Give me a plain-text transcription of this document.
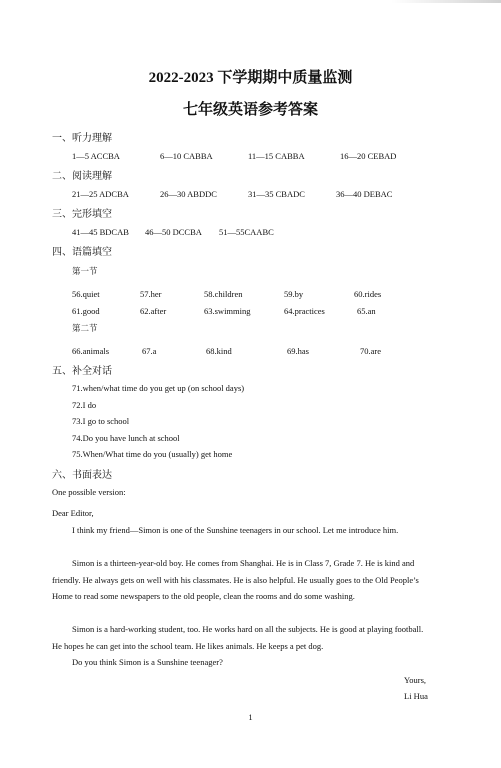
2022-2023 下学期期中质量监测
七年级英语参考答案
一、听力理解
1—5 ACCBA	6—10 CABBA	11—15 CABBA	16—20 CEBAD
二、阅读理解
21—25 ADCBA	26—30 ABDDC	31—35 CBADC	36—40 DEBAC
三、完形填空
41—45 BDCAB 46—50 DCCBA 51—55CAABC
四、语篇填空
第一节
56.quiet	57.her	58.children	59.by	60.rides
61.good	62.after	63.swimming	64.practices	65.an
第二节
66.animals	67.a	68.kind	69.has	70.are
五、补全对话
71.when/what time do you get up (on school days)
72.I do
73.I go to school
74.Do you have lunch at school
75.When/What time do you (usually) get home
六、书面表达
One possible version:
Dear Editor,
I think my friend—Simon is one of the Sunshine teenagers in our school. Let me introduce him.
Simon is a thirteen-year-old boy. He comes from Shanghai. He is in Class 7, Grade 7. He is kind and friendly. He always gets on well with his classmates. He is also helpful. He usually goes to the Old People’s Home to read some newspapers to the old people, clean the rooms and do some washing.
Simon is a hard-working student, too. He works hard on all the subjects. He is good at playing football. He hopes he can get into the school team. He likes animals. He keeps a pet dog.
Do you think Simon is a Sunshine teenager?
Yours,
Li Hua
1
